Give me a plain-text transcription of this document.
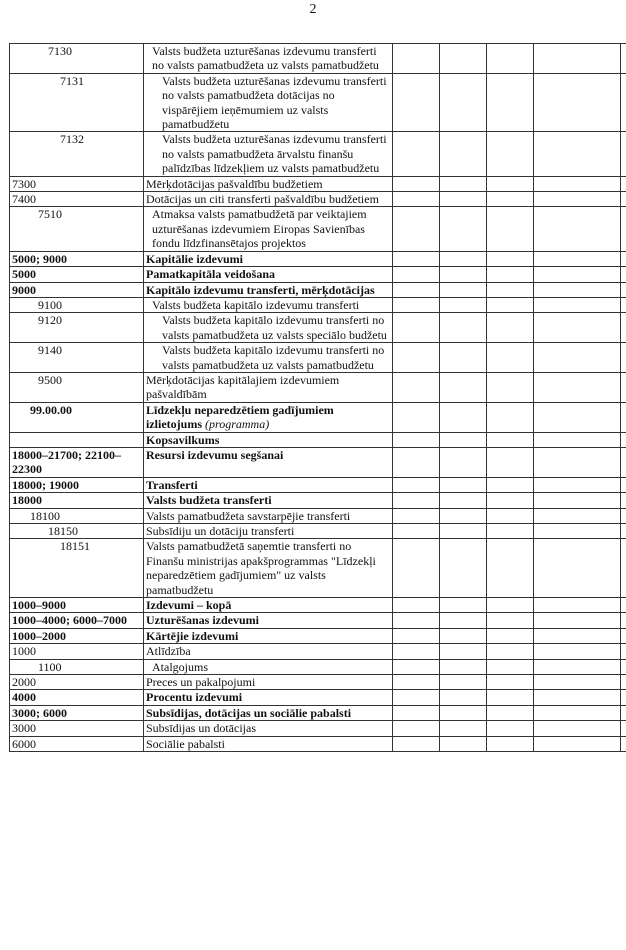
2
7130	Valsts budžeta uzturēšanas izdevumu transferti no valsts pamatbudžeta uz valsts pamatbudžetu					
7131	Valsts budžeta uzturēšanas izdevumu transferti no valsts pamatbudžeta dotācijas no vispārējiem ieņēmumiem uz valsts pamatbudžetu					
7132	Valsts budžeta uzturēšanas izdevumu transferti no valsts pamatbudžeta ārvalstu finanšu palīdzības līdzekļiem uz valsts pamatbudžetu					
7300	Mērķdotācijas pašvaldību budžetiem					
7400	Dotācijas un citi transferti pašvaldību budžetiem					
7510	Atmaksa valsts pamatbudžetā par veiktajiem uzturēšanas izdevumiem Eiropas Savienības fondu līdzfinansētajos projektos					
5000; 9000	Kapitālie izdevumi					
5000	Pamatkapitāla veidošana					
9000	Kapitālo izdevumu transferti, mērķdotācijas					
9100	Valsts budžeta kapitālo izdevumu transferti					
9120	Valsts budžeta kapitālo izdevumu transferti no valsts pamatbudžeta uz valsts speciālo budžetu					
9140	Valsts budžeta kapitālo izdevumu transferti no valsts pamatbudžeta uz valsts pamatbudžetu					
9500	Mērķdotācijas kapitālajiem izdevumiem pašvaldībām					
99.00.00	Līdzekļu neparedzētiem gadījumiem izlietojums (programma)					
	Kopsavilkums					
18000–21700; 22100–22300	Resursi izdevumu segšanai					
18000; 19000	Transferti					
18000	Valsts budžeta transferti					
18100	Valsts pamatbudžeta savstarpējie transferti					
18150	Subsīdiju un dotāciju transferti					
18151	Valsts pamatbudžetā saņemtie transferti no Finanšu ministrijas apakšprogrammas "Līdzekļi neparedzētiem gadījumiem" uz valsts pamatbudžetu					
1000–9000	Izdevumi – kopā					
1000–4000; 6000–7000	Uzturēšanas izdevumi					
1000–2000	Kārtējie izdevumi					
1000	Atlīdzība					
1100	Atalgojums					
2000	Preces un pakalpojumi					
4000	Procentu izdevumi					
3000; 6000	Subsīdijas, dotācijas un sociālie pabalsti					
3000	Subsīdijas un dotācijas					
6000	Sociālie pabalsti					
